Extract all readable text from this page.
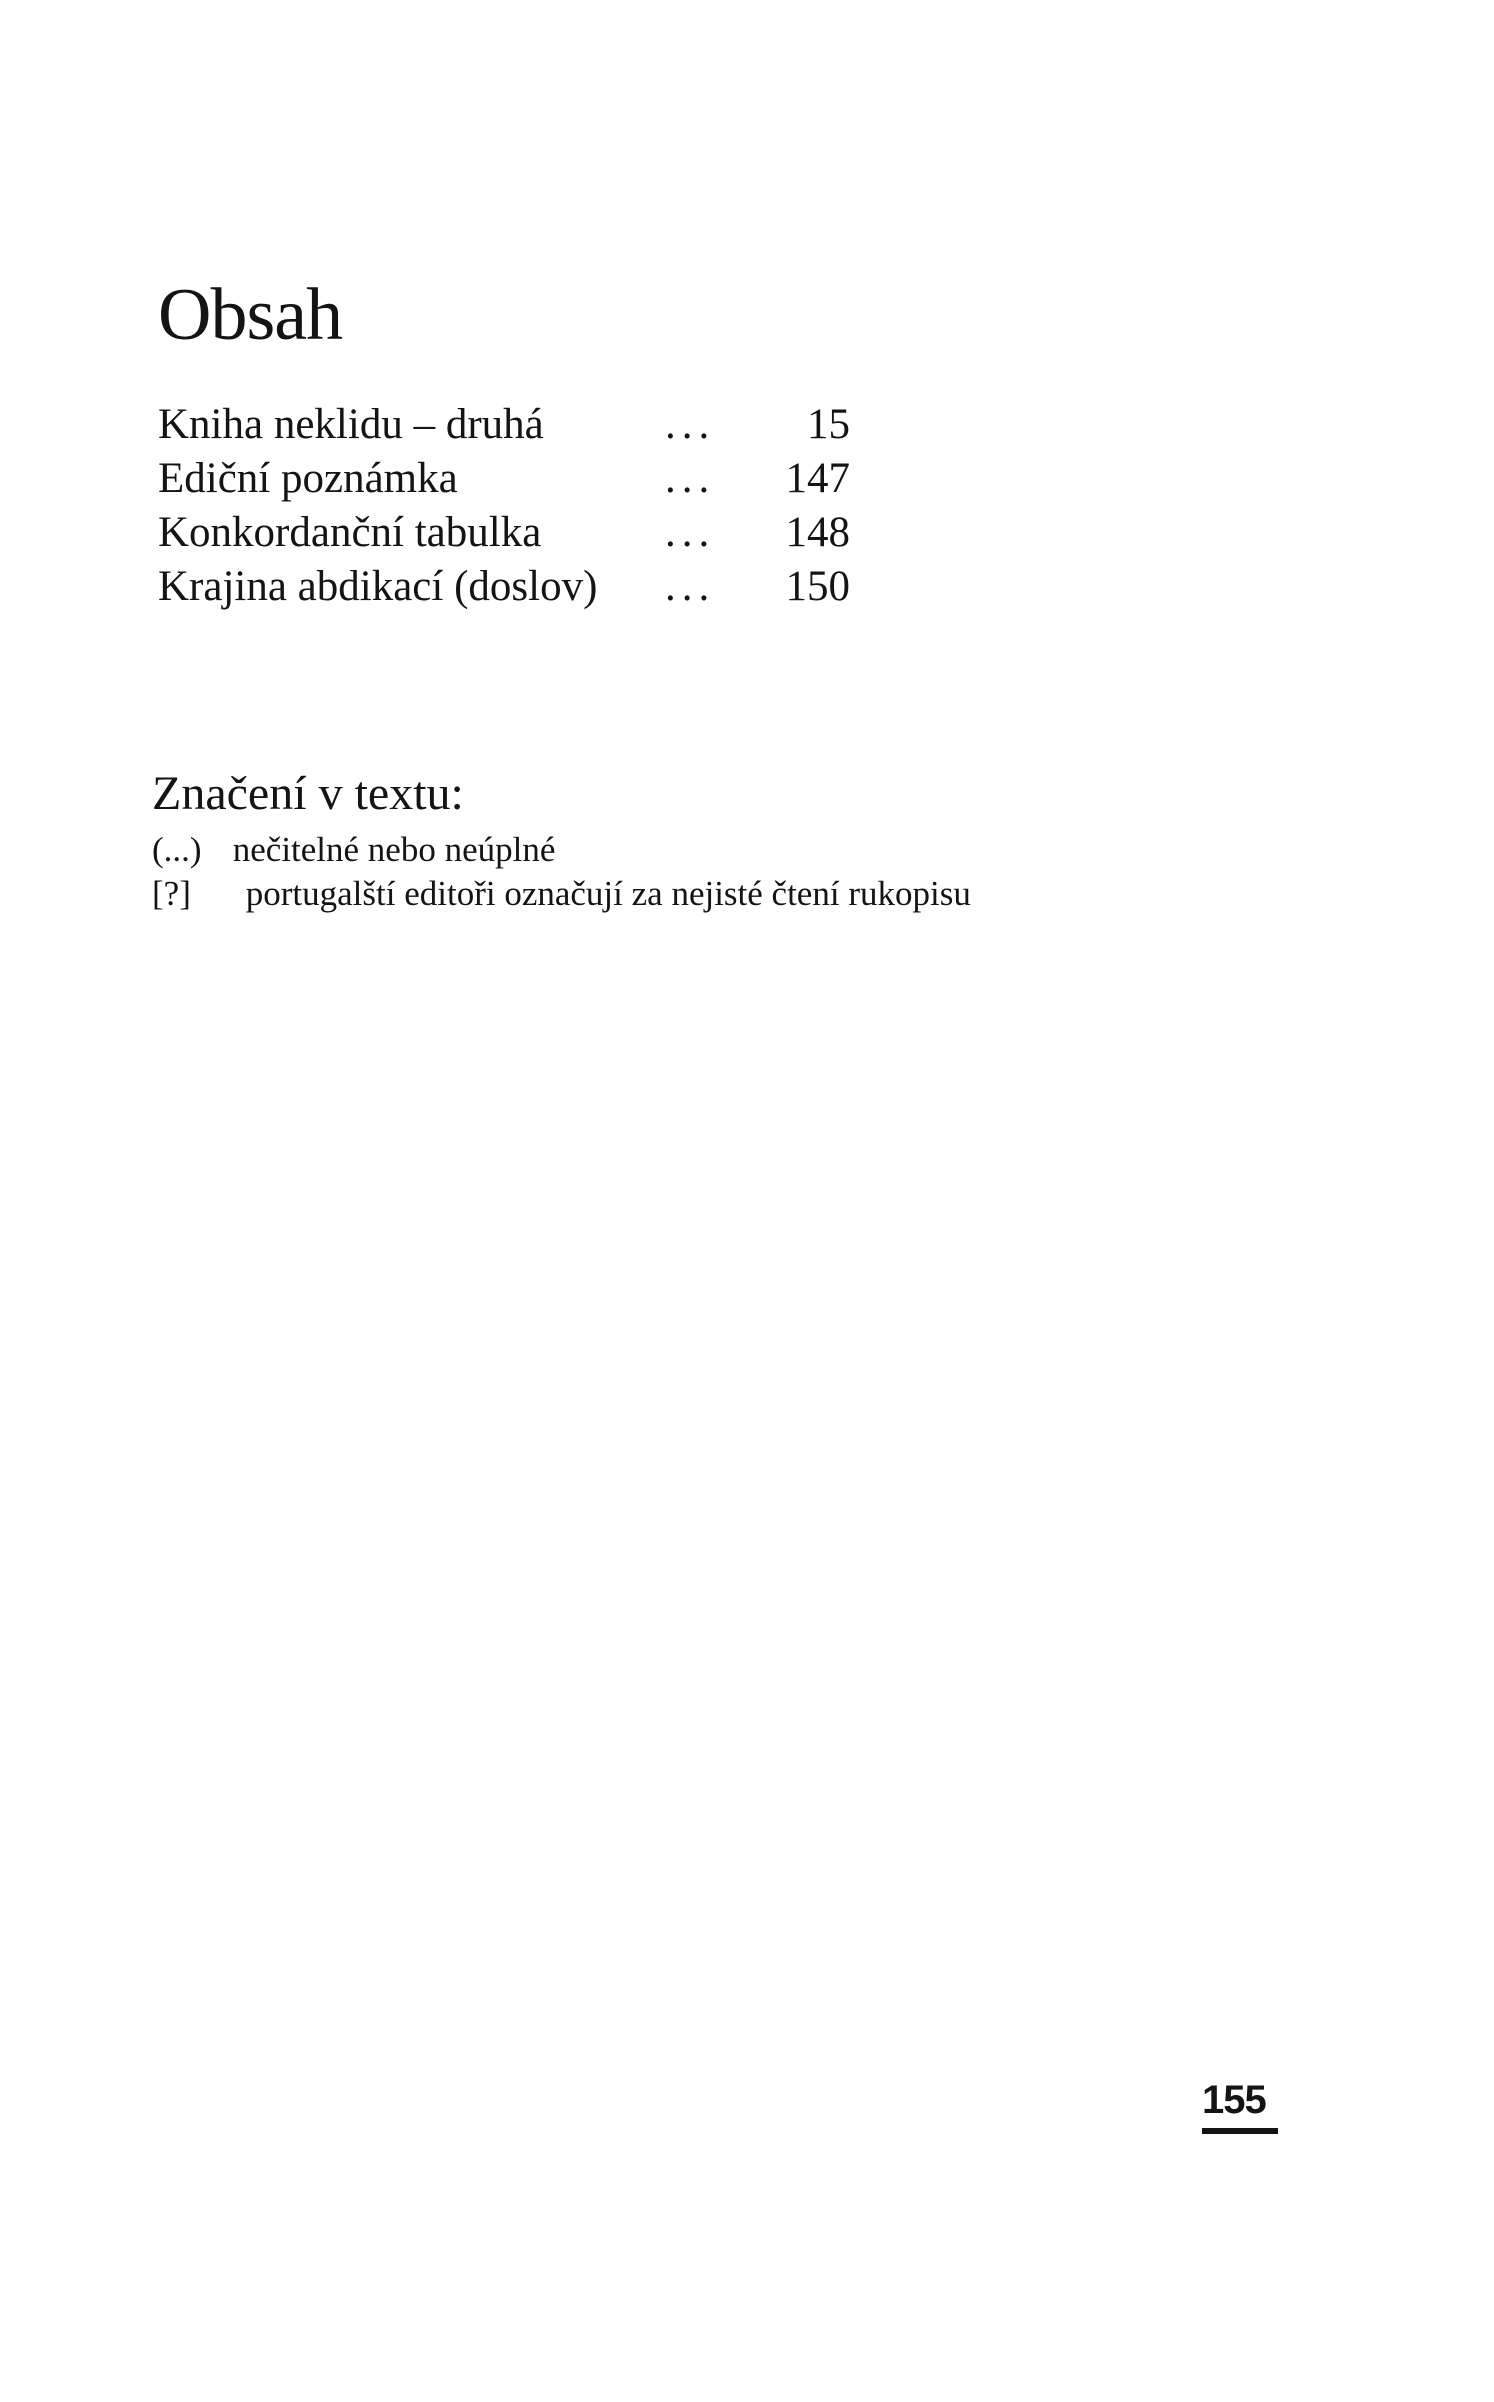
Obsah
Kniha neklidu – druhá	... 15
Ediční poznámka	... 147
Konkordanční tabulka	... 148
Krajina abdikací (doslov) ... 150
Značení v textu:
(...) nečitelné nebo neúplné
[?] portugalští editoři označují za nejisté čtení rukopisu
155
